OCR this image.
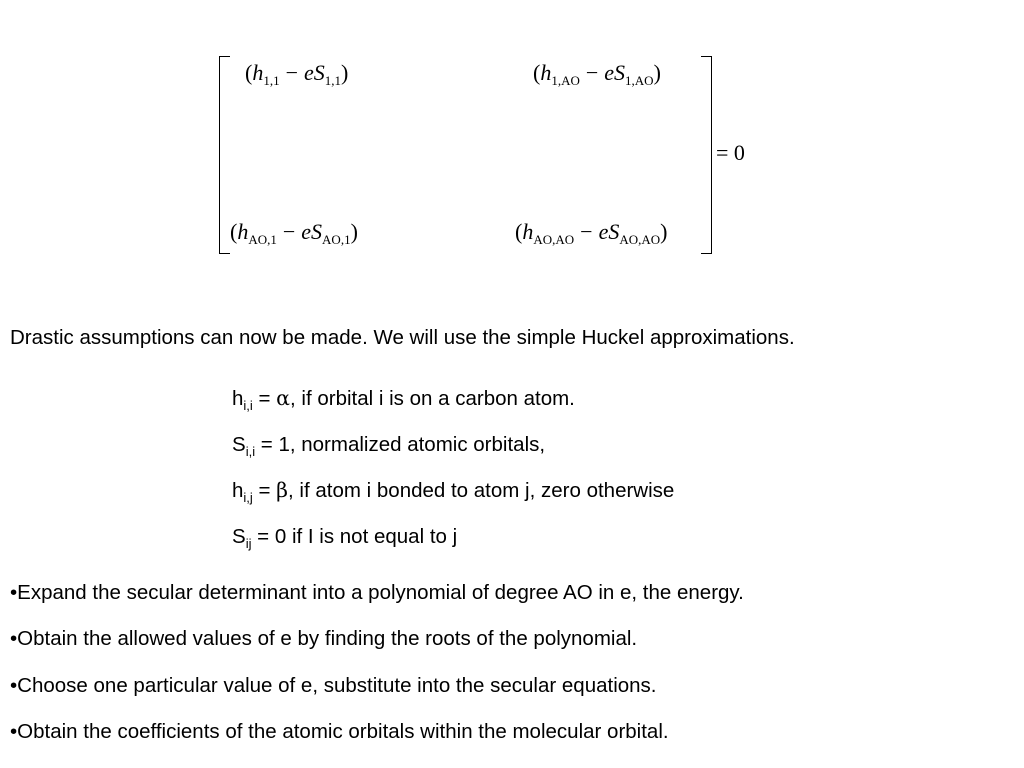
$(h_{1,1} - eS_{1,1})$	$(h_{1,AO} - eS_{1,AO})$
$(h_{AO,1} - eS_{AO,1})$	$(h_{AO,AO} - eS_{AO,AO})$
= 0
Drastic assumptions can now be made. We will use the simple Huckel approximations.
$h_{i,i} = \alpha$, if orbital i is on a carbon atom.
$S_{i,i} = 1$, normalized atomic orbitals,
$h_{i,j} = \beta$, if atom i bonded to atom j, zero otherwise
$S_{ij} = 0$ if I is not equal to j
•Expand the secular determinant into a polynomial of degree AO in e, the energy.
•Obtain the allowed values of e by finding the roots of the polynomial.
•Choose one particular value of e, substitute into the secular equations.
•Obtain the coefficients of the atomic orbitals within the molecular orbital.
